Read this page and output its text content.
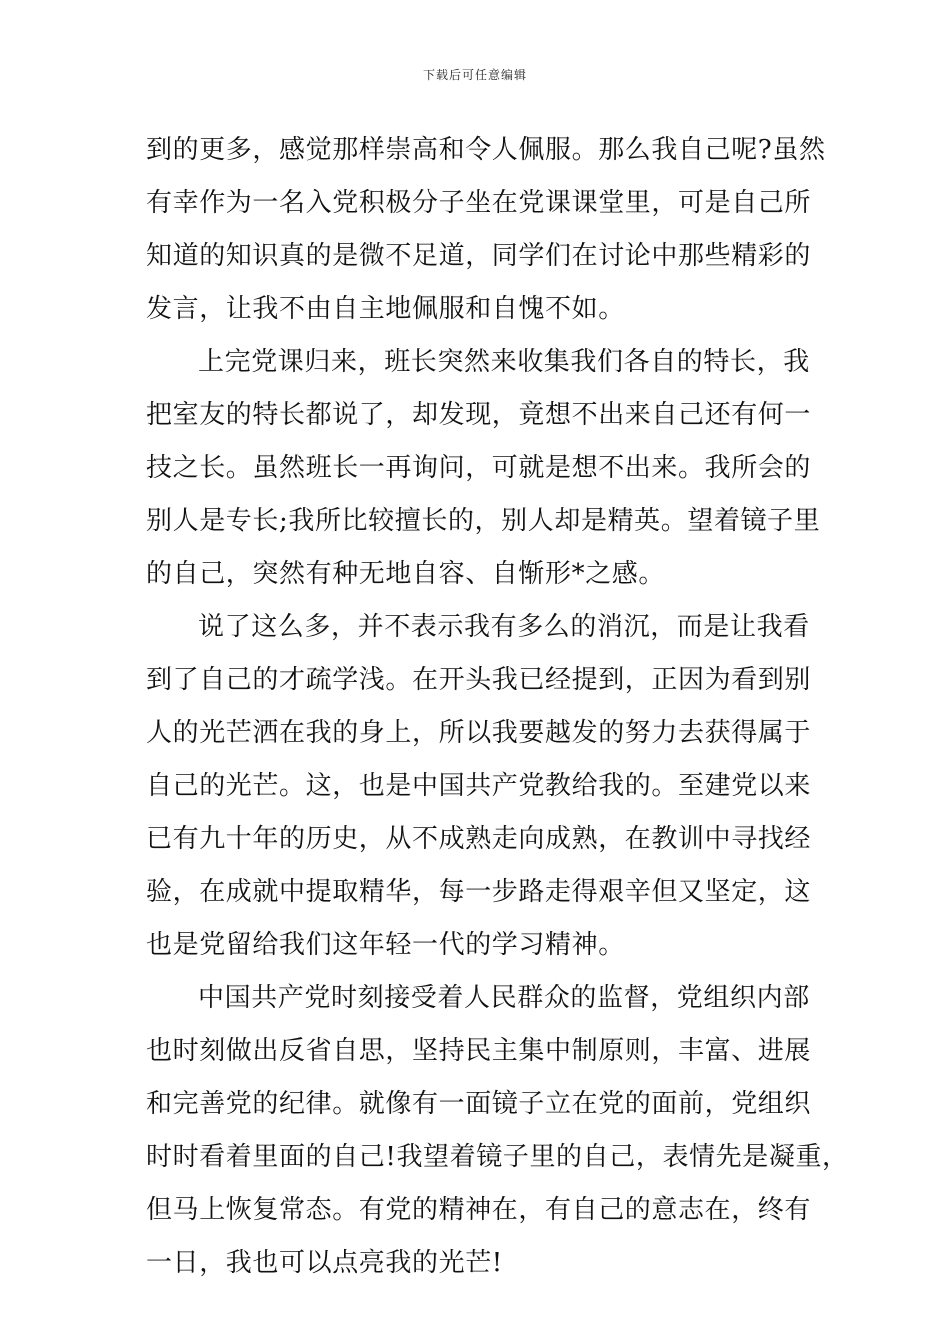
下载后可任意编辑
到的更多，感觉那样崇高和令人佩服。那么我自己呢?虽然
有幸作为一名入党积极分子坐在党课课堂里，可是自己所
知道的知识真的是微不足道，同学们在讨论中那些精彩的
发言，让我不由自主地佩服和自愧不如。
上完党课归来，班长突然来收集我们各自的特长，我
把室友的特长都说了，却发现，竟想不出来自己还有何一
技之长。虽然班长一再询问，可就是想不出来。我所会的
别人是专长;我所比较擅长的，别人却是精英。望着镜子里
的自己，突然有种无地自容、自惭形*之感。
说了这么多，并不表示我有多么的消沉，而是让我看
到了自己的才疏学浅。在开头我已经提到，正因为看到别
人的光芒洒在我的身上，所以我要越发的努力去获得属于
自己的光芒。这，也是中国共产党教给我的。至建党以来
已有九十年的历史，从不成熟走向成熟，在教训中寻找经
验，在成就中提取精华，每一步路走得艰辛但又坚定，这
也是党留给我们这年轻一代的学习精神。
中国共产党时刻接受着人民群众的监督，党组织内部
也时刻做出反省自思，坚持民主集中制原则，丰富、进展
和完善党的纪律。就像有一面镜子立在党的面前，党组织
时时看着里面的自己!我望着镜子里的自己，表情先是凝重，
但马上恢复常态。有党的精神在，有自己的意志在，终有
一日，我也可以点亮我的光芒!
